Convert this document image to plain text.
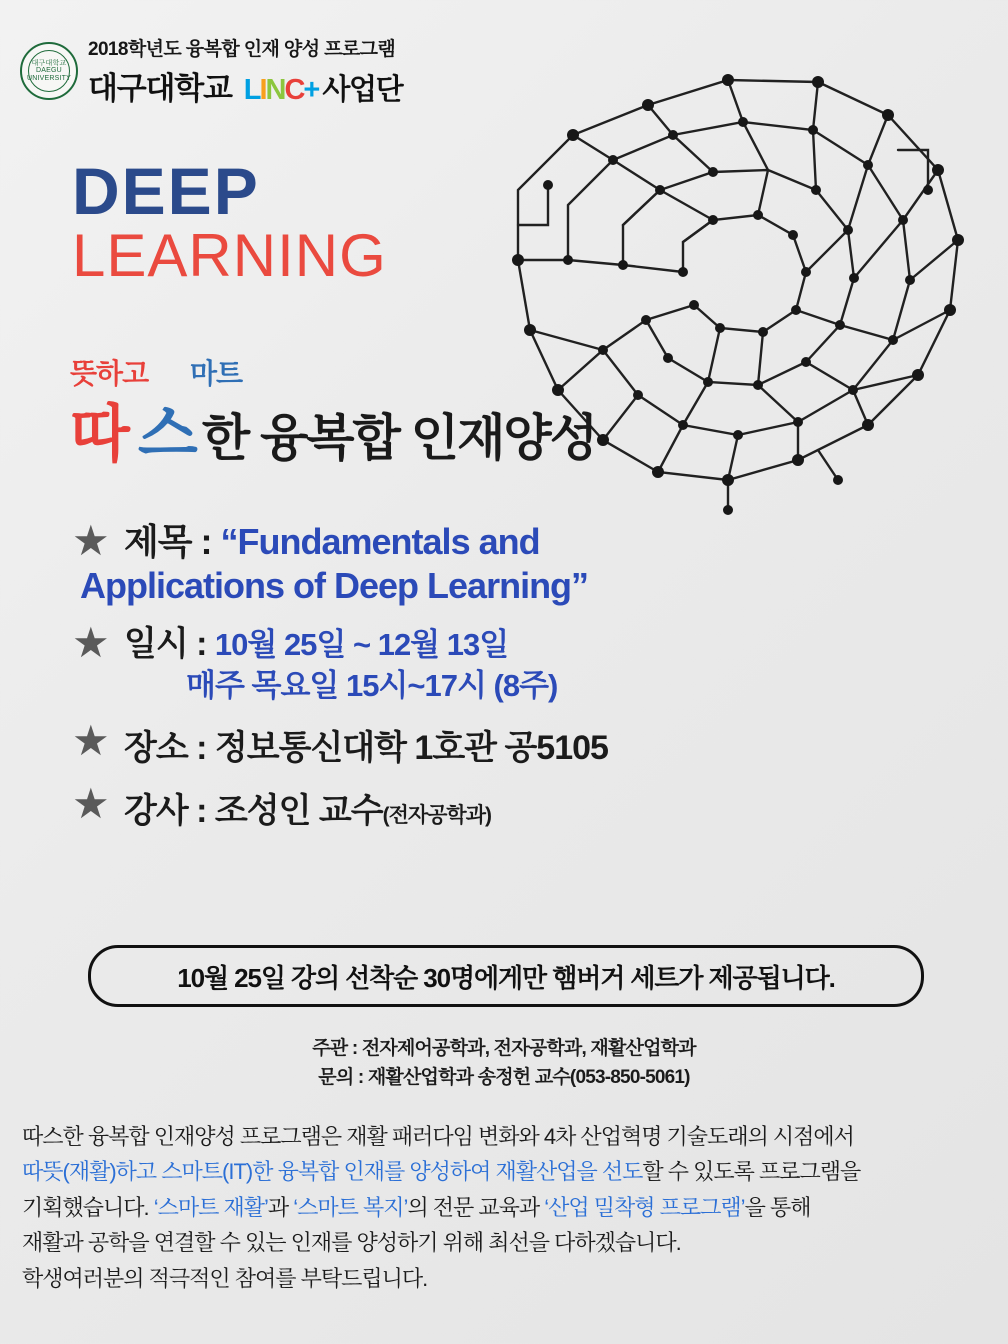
대구대학교 DAEGU UNIVERSITY
2018학년도 융복합 인재 양성 프로그램
대구대학교 LINC+ 사업단
DEEP
LEARNING
뜻하고 마트
따 스 한 융복합 인재양성
★ 제목 : “Fundamentals and
Applications of Deep Learning”
★ 일시 : 10월 25일 ~ 12월 13일
매주 목요일 15시~17시 (8주)
★ 장소 : 정보통신대학 1호관 공5105
★ 강사 : 조성인 교수(전자공학과)
10월 25일 강의 선착순 30명에게만 햄버거 세트가 제공됩니다.
주관 : 전자제어공학과, 전자공학과, 재활산업학과
문의 : 재활산업학과 송정헌 교수(053-850-5061)

따스한 융복합 인재양성 프로그램은 재활 패러다임 변화와 4차 산업혁명 기술도래의 시점에서

따뜻(재활)하고 스마트(IT)한 융복합 인재를 양성하여 재활산업을 선도할 수 있도록 프로그램을

기획했습니다. ‘스마트 재활’과 ‘스마트 복지’의 전문 교육과 ‘산업 밀착형 프로그램’을 통해

재활과 공학을 연결할 수 있는 인재를 양성하기 위해 최선을 다하겠습니다.

학생여러분의 적극적인 참여를 부탁드립니다.
